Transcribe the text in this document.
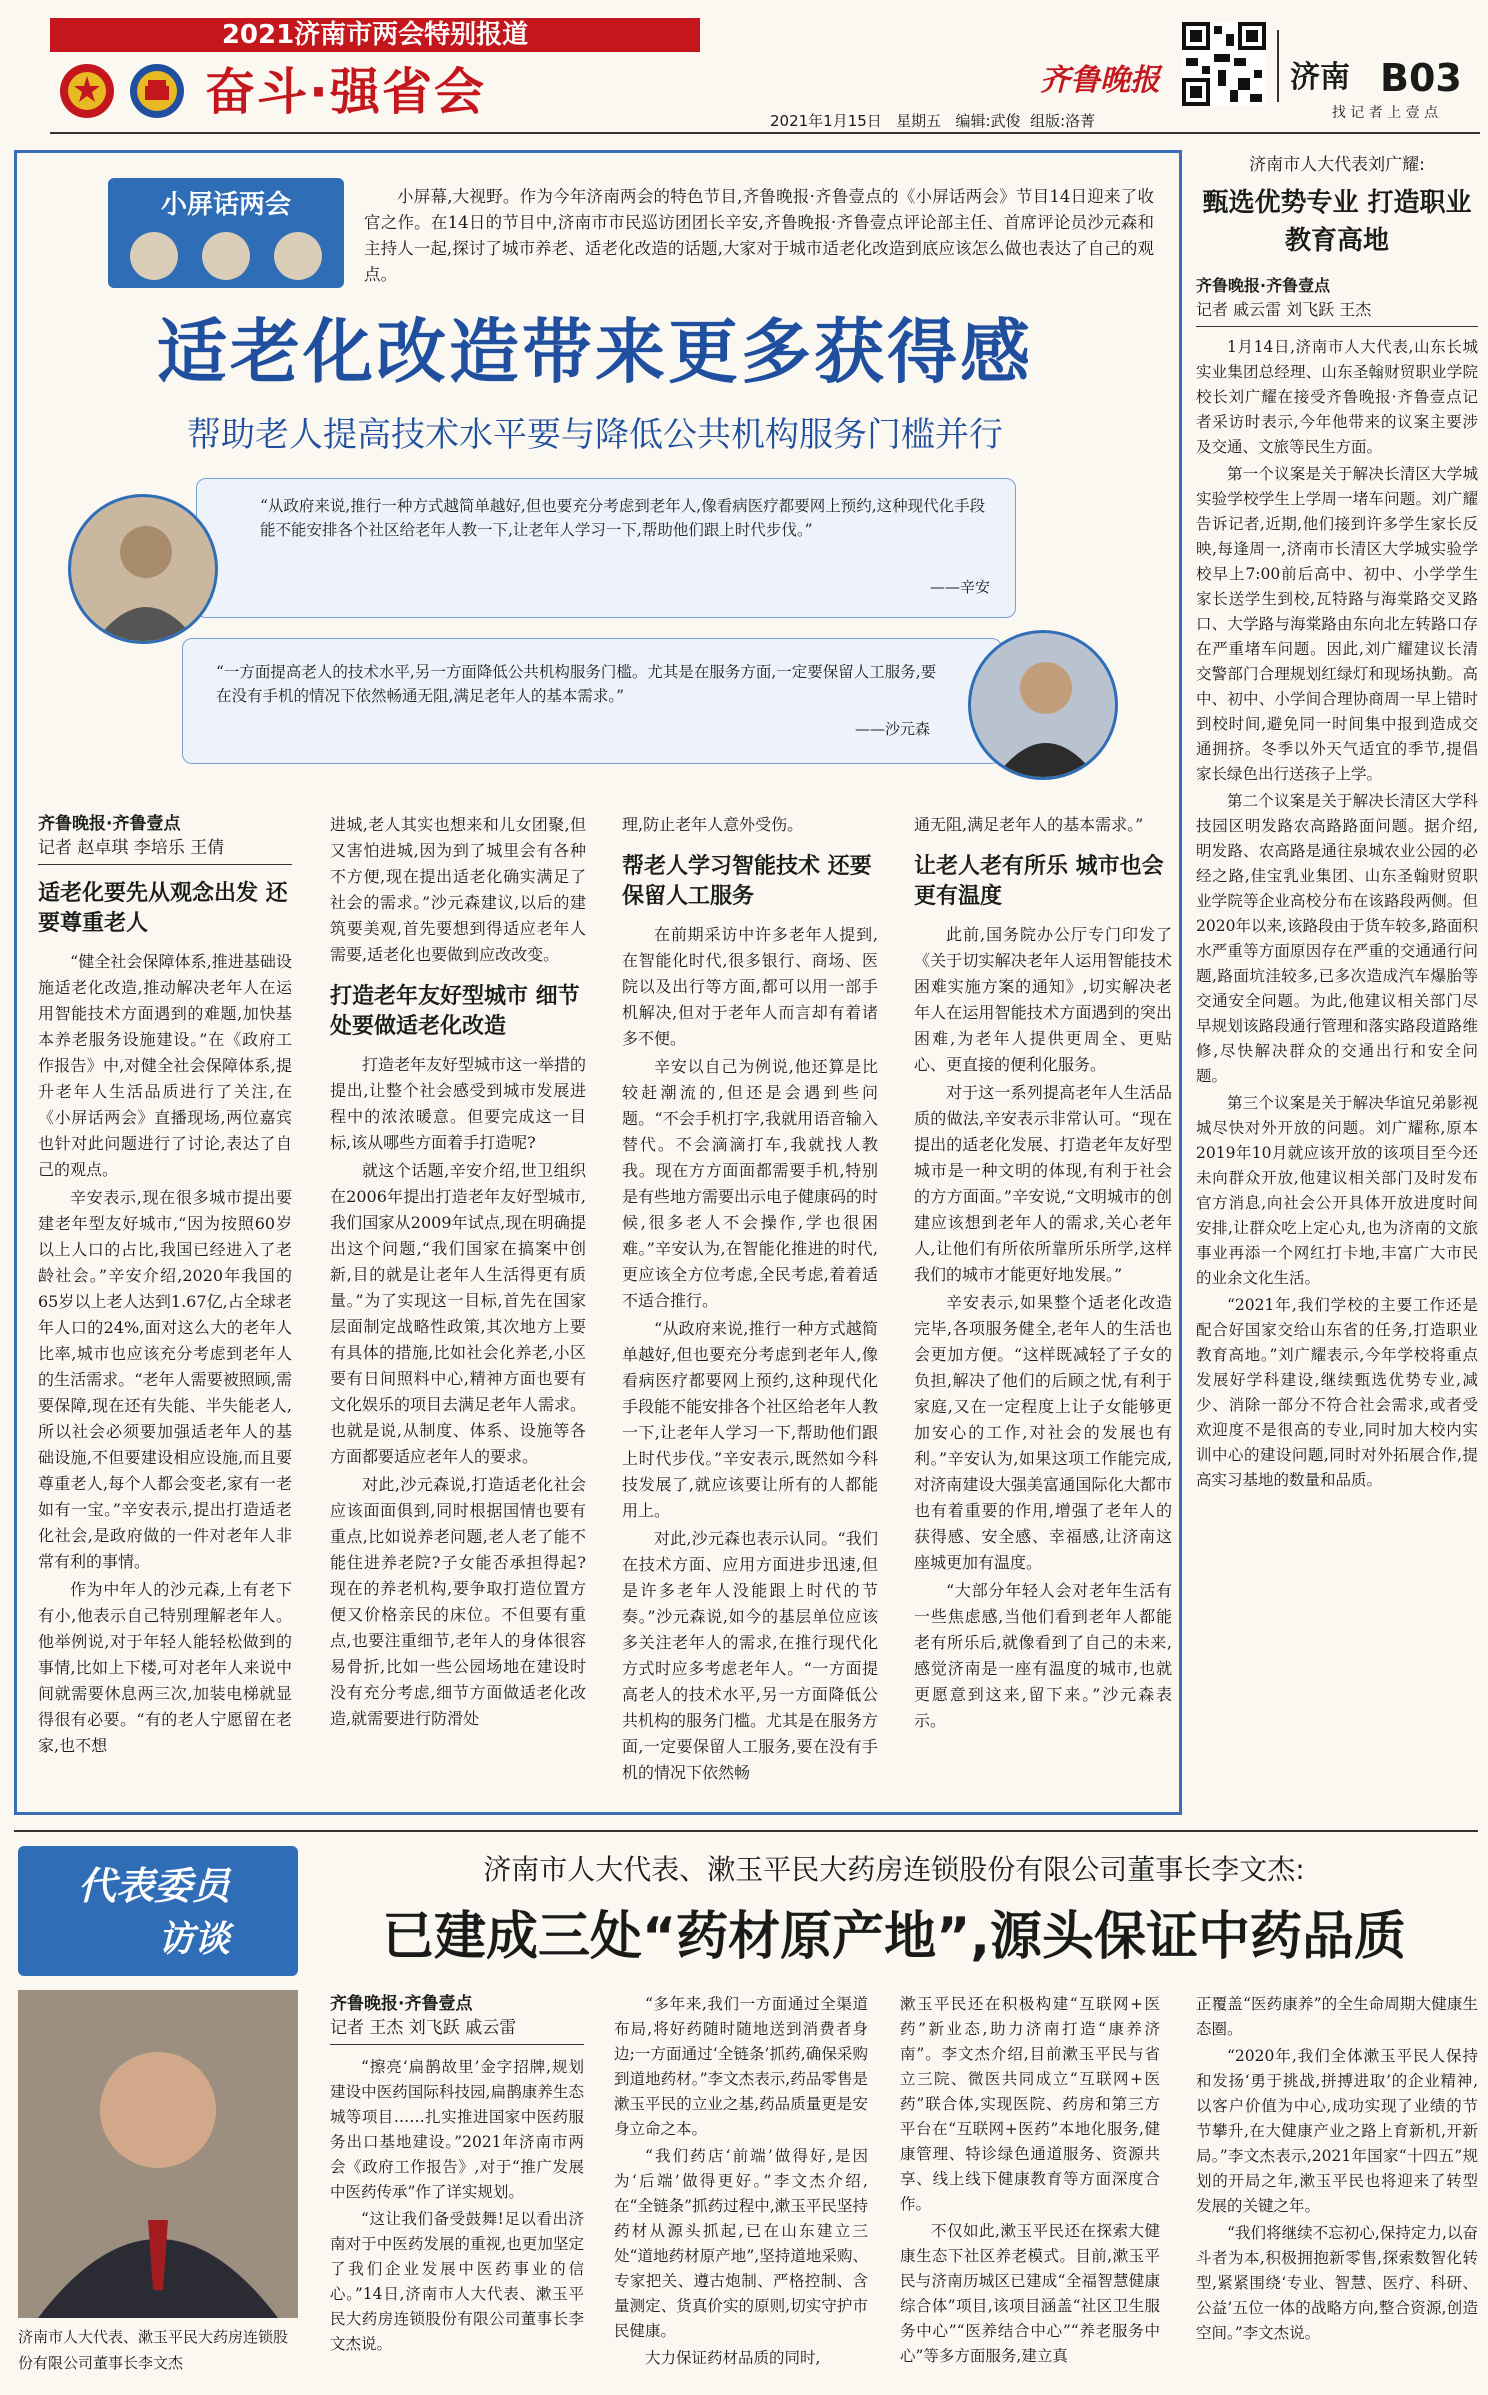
2021济南市两会特别报道
奋斗·强省会	齐鲁晚报	济南 B03
找 记 者 上 壹 点
2021年1月15日 星期五 编辑:武俊 组版:洛菁
小屏话两会	小屏幕,大视野。作为今年济南两会的特色节目,齐鲁晚报·齐鲁壹点的《小屏话两会》节目14日迎来了收官之作。在14日的节目中,济南市市民巡访团团长辛安,齐鲁晚报·齐鲁壹点评论部主任、首席评论员沙元森和主持人一起,探讨了城市养老、适老化改造的话题,大家对于城市适老化改造到底应该怎么做也表达了自己的观点。
适老化改造带来更多获得感
帮助老人提高技术水平要与降低公共机构服务门槛并行
“从政府来说,推行一种方式越简单越好,但也要充分考虑到老年人,像看病医疗都要网上预约,这种现代化手段能不能安排各个社区给老年人教一下,让老年人学习一下,帮助他们跟上时代步伐。”
——辛安
“一方面提高老人的技术水平,另一方面降低公共机构服务门槛。尤其是在服务方面,一定要保留人工服务,要在没有手机的情况下依然畅通无阻,满足老年人的基本需求。”
——沙元森
齐鲁晚报·齐鲁壹点
记者 赵卓琪 李培乐 王倩
适老化要先从观念出发 还要尊重老人

“健全社会保障体系,推进基础设施适老化改造,推动解决老年人在运用智能技术方面遇到的难题,加快基本养老服务设施建设。”在《政府工作报告》中,对健全社会保障体系,提升老年人生活品质进行了关注,在《小屏话两会》直播现场,两位嘉宾也针对此问题进行了讨论,表达了自己的观点。

辛安表示,现在很多城市提出要建老年型友好城市,“因为按照60岁以上人口的占比,我国已经进入了老龄社会。”辛安介绍,2020年我国的65岁以上老人达到1.67亿,占全球老年人口的24%,面对这么大的老年人比率,城市也应该充分考虑到老年人的生活需求。“老年人需要被照顾,需要保障,现在还有失能、半失能老人,所以社会必须要加强适老年人的基础设施,不但要建设相应设施,而且要尊重老人,每个人都会变老,家有一老如有一宝。”辛安表示,提出打造适老化社会,是政府做的一件对老年人非常有利的事情。

作为中年人的沙元森,上有老下有小,他表示自己特别理解老年人。他举例说,对于年轻人能轻松做到的事情,比如上下楼,可对老年人来说中间就需要休息两三次,加装电梯就显得很有必要。“有的老人宁愿留在老家,也不想

进城,老人其实也想来和儿女团聚,但又害怕进城,因为到了城里会有各种不方便,现在提出适老化确实满足了社会的需求。”沙元森建议,以后的建筑要美观,首先要想到得适应老年人需要,适老化也要做到应改改变。

打造老年友好型城市 细节处要做适老化改造

打造老年友好型城市这一举措的提出,让整个社会感受到城市发展进程中的浓浓暖意。但要完成这一目标,该从哪些方面着手打造呢?

就这个话题,辛安介绍,世卫组织在2006年提出打造老年友好型城市,我们国家从2009年试点,现在明确提出这个问题,“我们国家在搞案中创新,目的就是让老年人生活得更有质量。”为了实现这一目标,首先在国家层面制定战略性政策,其次地方上要有具体的措施,比如社会化养老,小区要有日间照料中心,精神方面也要有文化娱乐的项目去满足老年人需求。也就是说,从制度、体系、设施等各方面都要适应老年人的要求。

对此,沙元森说,打造适老化社会应该面面俱到,同时根据国情也要有重点,比如说养老问题,老人老了能不能住进养老院?子女能否承担得起?现在的养老机构,要争取打造位置方便又价格亲民的床位。不但要有重点,也要注重细节,老年人的身体很容易骨折,比如一些公园场地在建设时没有充分考虑,细节方面做适老化改造,就需要进行防滑处

理,防止老年人意外受伤。

帮老人学习智能技术 还要保留人工服务

在前期采访中许多老年人提到,在智能化时代,很多银行、商场、医院以及出行等方面,都可以用一部手机解决,但对于老年人而言却有着诸多不便。

辛安以自己为例说,他还算是比较赶潮流的,但还是会遇到些问题。“不会手机打字,我就用语音输入替代。不会滴滴打车,我就找人教我。现在方方面面都需要手机,特别是有些地方需要出示电子健康码的时候,很多老人不会操作,学也很困难。”辛安认为,在智能化推进的时代,更应该全方位考虑,全民考虑,着着适不适合推行。

“从政府来说,推行一种方式越简单越好,但也要充分考虑到老年人,像看病医疗都要网上预约,这种现代化手段能不能安排各个社区给老年人教一下,让老年人学习一下,帮助他们跟上时代步伐。”辛安表示,既然如今科技发展了,就应该要让所有的人都能用上。

对此,沙元森也表示认同。“我们在技术方面、应用方面进步迅速,但是许多老年人没能跟上时代的节奏。”沙元森说,如今的基层单位应该多关注老年人的需求,在推行现代化方式时应多考虑老年人。“一方面提高老人的技术水平,另一方面降低公共机构的服务门槛。尤其是在服务方面,一定要保留人工服务,要在没有手机的情况下依然畅

通无阻,满足老年人的基本需求。”

让老人老有所乐 城市也会更有温度

此前,国务院办公厅专门印发了《关于切实解决老年人运用智能技术困难实施方案的通知》,切实解决老年人在运用智能技术方面遇到的突出困难,为老年人提供更周全、更贴心、更直接的便利化服务。

对于这一系列提高老年人生活品质的做法,辛安表示非常认可。“现在提出的适老化发展、打造老年友好型城市是一种文明的体现,有利于社会的方方面面。”辛安说,“文明城市的创建应该想到老年人的需求,关心老年人,让他们有所依所靠所乐所学,这样我们的城市才能更好地发展。”

辛安表示,如果整个适老化改造完毕,各项服务健全,老年人的生活也会更加方便。“这样既减轻了子女的负担,解决了他们的后顾之忧,有利于家庭,又在一定程度上让子女能够更加安心的工作,对社会的发展也有利。”辛安认为,如果这项工作能完成,对济南建设大强美富通国际化大都市也有着重要的作用,增强了老年人的获得感、安全感、幸福感,让济南这座城更加有温度。

“大部分年轻人会对老年生活有一些焦虑感,当他们看到老年人都能老有所乐后,就像看到了自己的未来,感觉济南是一座有温度的城市,也就更愿意到这来,留下来。”沙元森表示。

济南市人大代表刘广耀:
甄选优势专业 打造职业教育高地
齐鲁晚报·齐鲁壹点
记者 戚云雷 刘飞跃 王杰

1月14日,济南市人大代表,山东长城实业集团总经理、山东圣翰财贸职业学院校长刘广耀在接受齐鲁晚报·齐鲁壹点记者采访时表示,今年他带来的议案主要涉及交通、文旅等民生方面。

第一个议案是关于解决长清区大学城实验学校学生上学周一堵车问题。刘广耀告诉记者,近期,他们接到许多学生家长反映,每逢周一,济南市长清区大学城实验学校早上7:00前后高中、初中、小学学生家长送学生到校,瓦特路与海棠路交叉路口、大学路与海棠路由东向北左转路口存在严重堵车问题。因此,刘广耀建议长清交警部门合理规划红绿灯和现场执勤。高中、初中、小学间合理协商周一早上错时到校时间,避免同一时间集中报到造成交通拥挤。冬季以外天气适宜的季节,提倡家长绿色出行送孩子上学。

第二个议案是关于解决长清区大学科技园区明发路农高路路面问题。据介绍,明发路、农高路是通往泉城农业公园的必经之路,佳宝乳业集团、山东圣翰财贸职业学院等企业高校分布在该路段两侧。但2020年以来,该路段由于货车较多,路面积水严重等方面原因存在严重的交通通行问题,路面坑洼较多,已多次造成汽车爆胎等交通安全问题。为此,他建议相关部门尽早规划该路段通行管理和落实路段道路维修,尽快解决群众的交通出行和安全问题。

第三个议案是关于解决华谊兄弟影视城尽快对外开放的问题。刘广耀称,原本2019年10月就应该开放的该项目至今还未向群众开放,他建议相关部门及时发布官方消息,向社会公开具体开放进度时间安排,让群众吃上定心丸,也为济南的文旅事业再添一个网红打卡地,丰富广大市民的业余文化生活。

“2021年,我们学校的主要工作还是配合好国家交给山东省的任务,打造职业教育高地。”刘广耀表示,今年学校将重点发展好学科建设,继续甄选优势专业,减少、消除一部分不符合社会需求,或者受欢迎度不是很高的专业,同时加大校内实训中心的建设问题,同时对外拓展合作,提高实习基地的数量和品质。

代表委员
访谈
济南市人大代表、漱玉平民大药房连锁股份有限公司董事长李文杰:
已建成三处“药材原产地”,源头保证中药品质
济南市人大代表、漱玉平民大药房连锁股份有限公司董事长李文杰
齐鲁晚报·齐鲁壹点
记者 王杰 刘飞跃 戚云雷

“擦亮‘扁鹊故里’金字招牌,规划建设中医药国际科技园,扁鹊康养生态城等项目……扎实推进国家中医药服务出口基地建设。”2021年济南市两会《政府工作报告》,对于“推广发展中医药传承”作了详实规划。

“这让我们备受鼓舞!足以看出济南对于中医药发展的重视,也更加坚定了我们企业发展中医药事业的信心。”14日,济南市人大代表、漱玉平民大药房连锁股份有限公司董事长李文杰说。

“多年来,我们一方面通过全渠道布局,将好药随时随地送到消费者身边;一方面通过‘全链条’抓药,确保采购到道地药材。”李文杰表示,药品零售是漱玉平民的立业之基,药品质量更是安身立命之本。

“我们药店‘前端’做得好,是因为‘后端’做得更好。”李文杰介绍,在“全链条”抓药过程中,漱玉平民坚持药材从源头抓起,已在山东建立三处“道地药材原产地”,坚持道地采购、专家把关、遵古炮制、严格控制、含量测定、货真价实的原则,切实守护市民健康。

大力保证药材品质的同时,

漱玉平民还在积极构建“互联网+医药”新业态,助力济南打造“康养济南”。李文杰介绍,目前漱玉平民与省立三院、微医共同成立“互联网+医药”联合体,实现医院、药房和第三方平台在“互联网+医药”本地化服务,健康管理、特诊绿色通道服务、资源共享、线上线下健康教育等方面深度合作。

不仅如此,漱玉平民还在探索大健康生态下社区养老模式。目前,漱玉平民与济南历城区已建成“全福智慧健康综合体”项目,该项目涵盖“社区卫生服务中心”“医养结合中心”“养老服务中心”等多方面服务,建立真

正覆盖“医药康养”的全生命周期大健康生态圈。

“2020年,我们全体漱玉平民人保持和发扬‘勇于挑战,拼搏进取’的企业精神,以客户价值为中心,成功实现了业绩的节节攀升,在大健康产业之路上育新机,开新局。”李文杰表示,2021年国家“十四五”规划的开局之年,漱玉平民也将迎来了转型发展的关键之年。

“我们将继续不忘初心,保持定力,以奋斗者为本,积极拥抱新零售,探索数智化转型,紧紧围绕‘专业、智慧、医疗、科研、公益’五位一体的战略方向,整合资源,创造空间。”李文杰说。
